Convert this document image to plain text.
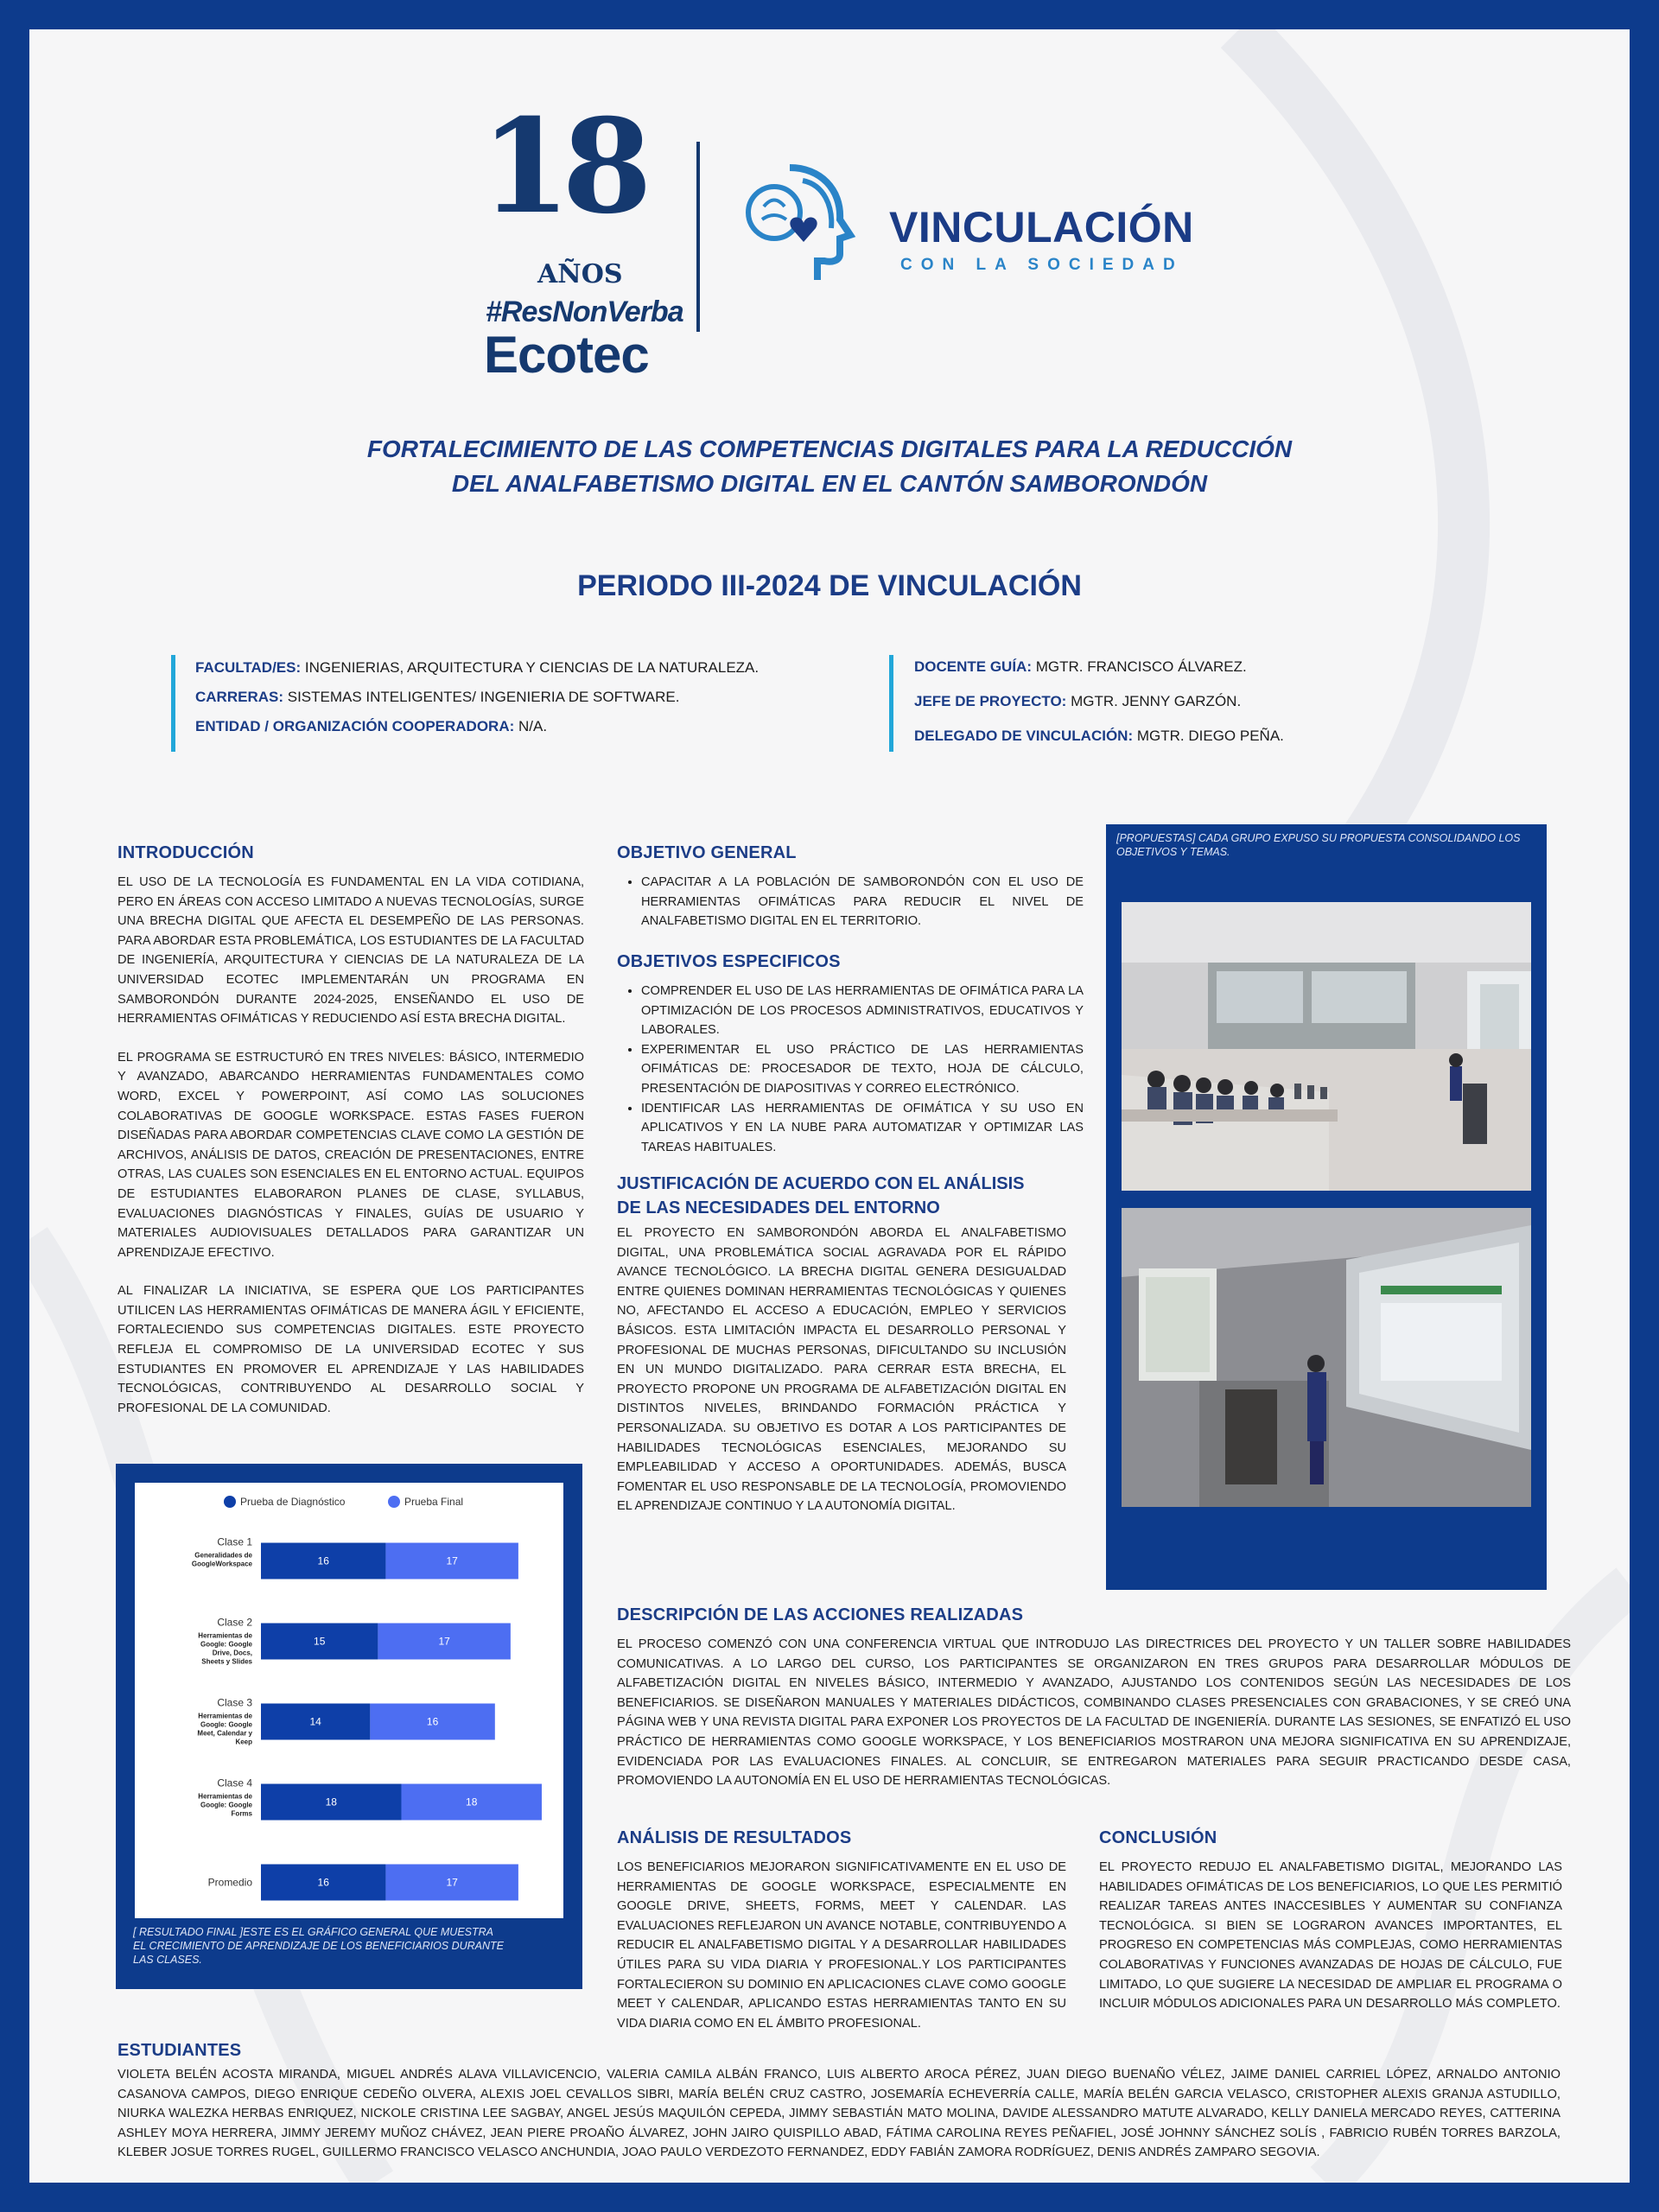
18
AÑOS
#ResNonVerba
Ecotec
VINCULACIÓN
CON LA SOCIEDAD
FORTALECIMIENTO DE LAS COMPETENCIAS DIGITALES PARA LA REDUCCIÓN
DEL ANALFABETISMO DIGITAL EN EL CANTÓN SAMBORONDÓN
PERIODO III-2024 DE VINCULACIÓN
FACULTAD/ES: INGENIERIAS, ARQUITECTURA Y CIENCIAS DE LA NATURALEZA.
CARRERAS: SISTEMAS INTELIGENTES/ INGENIERIA DE SOFTWARE.
ENTIDAD / ORGANIZACIÓN COOPERADORA: N/A.
DOCENTE GUÍA: MGTR. FRANCISCO ÁLVAREZ.
JEFE DE PROYECTO: MGTR. JENNY GARZÓN.
DELEGADO DE VINCULACIÓN: MGTR. DIEGO PEÑA.
INTRODUCCIÓN

EL USO DE LA TECNOLOGÍA ES FUNDAMENTAL EN LA VIDA COTIDIANA, PERO EN ÁREAS CON ACCESO LIMITADO A NUEVAS TECNOLOGÍAS, SURGE UNA BRECHA DIGITAL QUE AFECTA EL DESEMPEÑO DE LAS PERSONAS. PARA ABORDAR ESTA PROBLEMÁTICA, LOS ESTUDIANTES DE LA FACULTAD DE INGENIERÍA, ARQUITECTURA Y CIENCIAS DE LA NATURALEZA DE LA UNIVERSIDAD ECOTEC IMPLEMENTARÁN UN PROGRAMA EN SAMBORONDÓN DURANTE 2024-2025, ENSEÑANDO EL USO DE HERRAMIENTAS OFIMÁTICAS Y REDUCIENDO ASÍ ESTA BRECHA DIGITAL.

EL PROGRAMA SE ESTRUCTURÓ EN TRES NIVELES: BÁSICO, INTERMEDIO Y AVANZADO, ABARCANDO HERRAMIENTAS FUNDAMENTALES COMO WORD, EXCEL Y POWERPOINT, ASÍ COMO LAS SOLUCIONES COLABORATIVAS DE GOOGLE WORKSPACE. ESTAS FASES FUERON DISEÑADAS PARA ABORDAR COMPETENCIAS CLAVE COMO LA GESTIÓN DE ARCHIVOS, ANÁLISIS DE DATOS, CREACIÓN DE PRESENTACIONES, ENTRE OTRAS, LAS CUALES SON ESENCIALES EN EL ENTORNO ACTUAL. EQUIPOS DE ESTUDIANTES ELABORARON PLANES DE CLASE, SYLLABUS, EVALUACIONES DIAGNÓSTICAS Y FINALES, GUÍAS DE USUARIO Y MATERIALES AUDIOVISUALES DETALLADOS PARA GARANTIZAR UN APRENDIZAJE EFECTIVO.

AL FINALIZAR LA INICIATIVA, SE ESPERA QUE LOS PARTICIPANTES UTILICEN LAS HERRAMIENTAS OFIMÁTICAS DE MANERA ÁGIL Y EFICIENTE, FORTALECIENDO SUS COMPETENCIAS DIGITALES. ESTE PROYECTO REFLEJA EL COMPROMISO DE LA UNIVERSIDAD ECOTEC Y SUS ESTUDIANTES EN PROMOVER EL APRENDIZAJE Y LAS HABILIDADES TECNOLÓGICAS, CONTRIBUYENDO AL DESARROLLO SOCIAL Y PROFESIONAL DE LA COMUNIDAD.

Prueba de Diagnóstico	Prueba Final
Clase 1
Generalidades de
GoogleWorkspace	16	17
Clase 2
Herramientas de
Google: Google
Drive, Docs,
Sheets y Slides
15	17
Clase 3
Herramientas de
Google: Google
Meet, Calendar y
Keep
14	16
Clase 4
Herramientas de
Google: Google
Forms
18	18
Promedio	16	17
[ RESULTADO FINAL ]ESTE ES EL GRÁFICO GENERAL QUE MUESTRA EL CRECIMIENTO DE APRENDIZAJE DE LOS BENEFICIARIOS DURANTE LAS CLASES.
OBJETIVO GENERAL
• CAPACITAR A LA POBLACIÓN DE SAMBORONDÓN CON EL USO DE HERRAMIENTAS OFIMÁTICAS PARA REDUCIR EL NIVEL DE ANALFABETISMO DIGITAL EN EL TERRITORIO.
OBJETIVOS ESPECIFICOS
• COMPRENDER EL USO DE LAS HERRAMIENTAS DE OFIMÁTICA PARA LA OPTIMIZACIÓN DE LOS PROCESOS ADMINISTRATIVOS, EDUCATIVOS Y LABORALES.
• EXPERIMENTAR EL USO PRÁCTICO DE LAS HERRAMIENTAS OFIMÁTICAS DE: PROCESADOR DE TEXTO, HOJA DE CÁLCULO, PRESENTACIÓN DE DIAPOSITIVAS Y CORREO ELECTRÓNICO.
• IDENTIFICAR LAS HERRAMIENTAS DE OFIMÁTICA Y SU USO EN APLICATIVOS Y EN LA NUBE PARA AUTOMATIZAR Y OPTIMIZAR LAS TAREAS HABITUALES.
JUSTIFICACIÓN DE ACUERDO CON EL ANÁLISIS
DE LAS NECESIDADES DEL ENTORNO
EL PROYECTO EN SAMBORONDÓN ABORDA EL ANALFABETISMO DIGITAL, UNA PROBLEMÁTICA SOCIAL AGRAVADA POR EL RÁPIDO AVANCE TECNOLÓGICO. LA BRECHA DIGITAL GENERA DESIGUALDAD ENTRE QUIENES DOMINAN HERRAMIENTAS TECNOLÓGICAS Y QUIENES NO, AFECTANDO EL ACCESO A EDUCACIÓN, EMPLEO Y SERVICIOS BÁSICOS. ESTA LIMITACIÓN IMPACTA EL DESARROLLO PERSONAL Y PROFESIONAL DE MUCHAS PERSONAS, DIFICULTANDO SU INCLUSIÓN EN UN MUNDO DIGITALIZADO. PARA CERRAR ESTA BRECHA, EL PROYECTO PROPONE UN PROGRAMA DE ALFABETIZACIÓN DIGITAL EN DISTINTOS NIVELES, BRINDANDO FORMACIÓN PRÁCTICA Y PERSONALIZADA. SU OBJETIVO ES DOTAR A LOS PARTICIPANTES DE HABILIDADES TECNOLÓGICAS ESENCIALES, MEJORANDO SU EMPLEABILIDAD Y ACCESO A OPORTUNIDADES. ADEMÁS, BUSCA FOMENTAR EL USO RESPONSABLE DE LA TECNOLOGÍA, PROMOVIENDO EL APRENDIZAJE CONTINUO Y LA AUTONOMÍA DIGITAL.
[PROPUESTAS] CADA GRUPO EXPUSO SU PROPUESTA CONSOLIDANDO LOS OBJETIVOS Y TEMAS.
DESCRIPCIÓN DE LAS ACCIONES REALIZADAS
EL PROCESO COMENZÓ CON UNA CONFERENCIA VIRTUAL QUE INTRODUJO LAS DIRECTRICES DEL PROYECTO Y UN TALLER SOBRE HABILIDADES COMUNICATIVAS. A LO LARGO DEL CURSO, LOS PARTICIPANTES SE ORGANIZARON EN TRES GRUPOS PARA DESARROLLAR MÓDULOS DE ALFABETIZACIÓN DIGITAL EN NIVELES BÁSICO, INTERMEDIO Y AVANZADO, AJUSTANDO LOS CONTENIDOS SEGÚN LAS NECESIDADES DE LOS BENEFICIARIOS. SE DISEÑARON MANUALES Y MATERIALES DIDÁCTICOS, COMBINANDO CLASES PRESENCIALES CON GRABACIONES, Y SE CREÓ UNA PÁGINA WEB Y UNA REVISTA DIGITAL PARA EXPONER LOS PROYECTOS DE LA FACULTAD DE INGENIERÍA. DURANTE LAS SESIONES, SE ENFATIZÓ EL USO PRÁCTICO DE HERRAMIENTAS COMO GOOGLE WORKSPACE, Y LOS BENEFICIARIOS MOSTRARON UNA MEJORA SIGNIFICATIVA EN SU APRENDIZAJE, EVIDENCIADA POR LAS EVALUACIONES FINALES. AL CONCLUIR, SE ENTREGARON MATERIALES PARA SEGUIR PRACTICANDO DESDE CASA, PROMOVIENDO LA AUTONOMÍA EN EL USO DE HERRAMIENTAS TECNOLÓGICAS.
ANÁLISIS DE RESULTADOS
LOS BENEFICIARIOS MEJORARON SIGNIFICATIVAMENTE EN EL USO DE HERRAMIENTAS DE GOOGLE WORKSPACE, ESPECIALMENTE EN GOOGLE DRIVE, SHEETS, FORMS, MEET Y CALENDAR. LAS EVALUACIONES REFLEJARON UN AVANCE NOTABLE, CONTRIBUYENDO A REDUCIR EL ANALFABETISMO DIGITAL Y A DESARROLLAR HABILIDADES ÚTILES PARA SU VIDA DIARIA Y PROFESIONAL.Y LOS PARTICIPANTES FORTALECIERON SU DOMINIO EN APLICACIONES CLAVE COMO GOOGLE MEET Y CALENDAR, APLICANDO ESTAS HERRAMIENTAS TANTO EN SU VIDA DIARIA COMO EN EL ÁMBITO PROFESIONAL.
CONCLUSIÓN
EL PROYECTO REDUJO EL ANALFABETISMO DIGITAL, MEJORANDO LAS HABILIDADES OFIMÁTICAS DE LOS BENEFICIARIOS, LO QUE LES PERMITIÓ REALIZAR TAREAS ANTES INACCESIBLES Y AUMENTAR SU CONFIANZA TECNOLÓGICA. SI BIEN SE LOGRARON AVANCES IMPORTANTES, EL PROGRESO EN COMPETENCIAS MÁS COMPLEJAS, COMO HERRAMIENTAS COLABORATIVAS Y FUNCIONES AVANZADAS DE HOJAS DE CÁLCULO, FUE LIMITADO, LO QUE SUGIERE LA NECESIDAD DE AMPLIAR EL PROGRAMA O INCLUIR MÓDULOS ADICIONALES PARA UN DESARROLLO MÁS COMPLETO.
ESTUDIANTES
VIOLETA BELÉN ACOSTA MIRANDA, MIGUEL ANDRÉS ALAVA VILLAVICENCIO, VALERIA CAMILA ALBÁN FRANCO, LUIS ALBERTO AROCA PÉREZ, JUAN DIEGO BUENAÑO VÉLEZ, JAIME DANIEL CARRIEL LÓPEZ, ARNALDO ANTONIO CASANOVA CAMPOS, DIEGO ENRIQUE CEDEÑO OLVERA, ALEXIS JOEL CEVALLOS SIBRI, MARÍA BELÉN CRUZ CASTRO, JOSEMARÍA ECHEVERRÍA CALLE, MARÍA BELÉN GARCIA VELASCO, CRISTOPHER ALEXIS GRANJA ASTUDILLO, NIURKA WALEZKA HERBAS ENRIQUEZ, NICKOLE CRISTINA LEE SAGBAY, ANGEL JESÚS MAQUILÓN CEPEDA, JIMMY SEBASTIÁN MATO MOLINA, DAVIDE ALESSANDRO MATUTE ALVARADO, KELLY DANIELA MERCADO REYES, CATTERINA ASHLEY MOYA HERRERA, JIMMY JEREMY MUÑOZ CHÁVEZ, JEAN PIERE PROAÑO ÁLVAREZ, JOHN JAIRO QUISPILLO ABAD, FÁTIMA CAROLINA REYES PEÑAFIEL, JOSÉ JOHNNY SÁNCHEZ SOLÍS , FABRICIO RUBÉN TORRES BARZOLA, KLEBER JOSUE TORRES RUGEL, GUILLERMO FRANCISCO VELASCO ANCHUNDIA, JOAO PAULO VERDEZOTO FERNANDEZ, EDDY FABIÁN ZAMORA RODRÍGUEZ, DENIS ANDRÉS ZAMPARO SEGOVIA.
